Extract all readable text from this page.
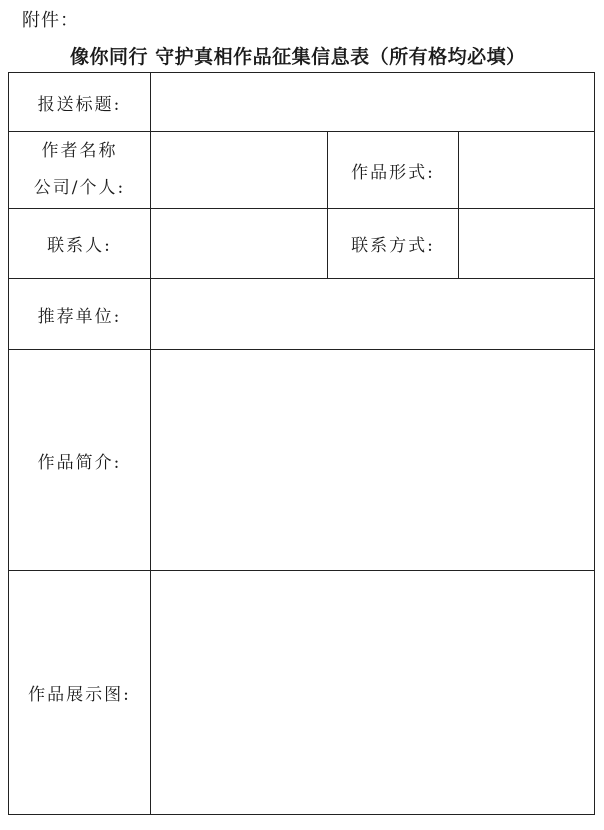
附件：
像你同行 守护真相作品征集信息表（所有格均必填）
报送标题:			

作者名称
公司/个人:		作品形式:	
联系人:		联系方式:	
推荐单位:			
作品简介:			
作品展示图:			
